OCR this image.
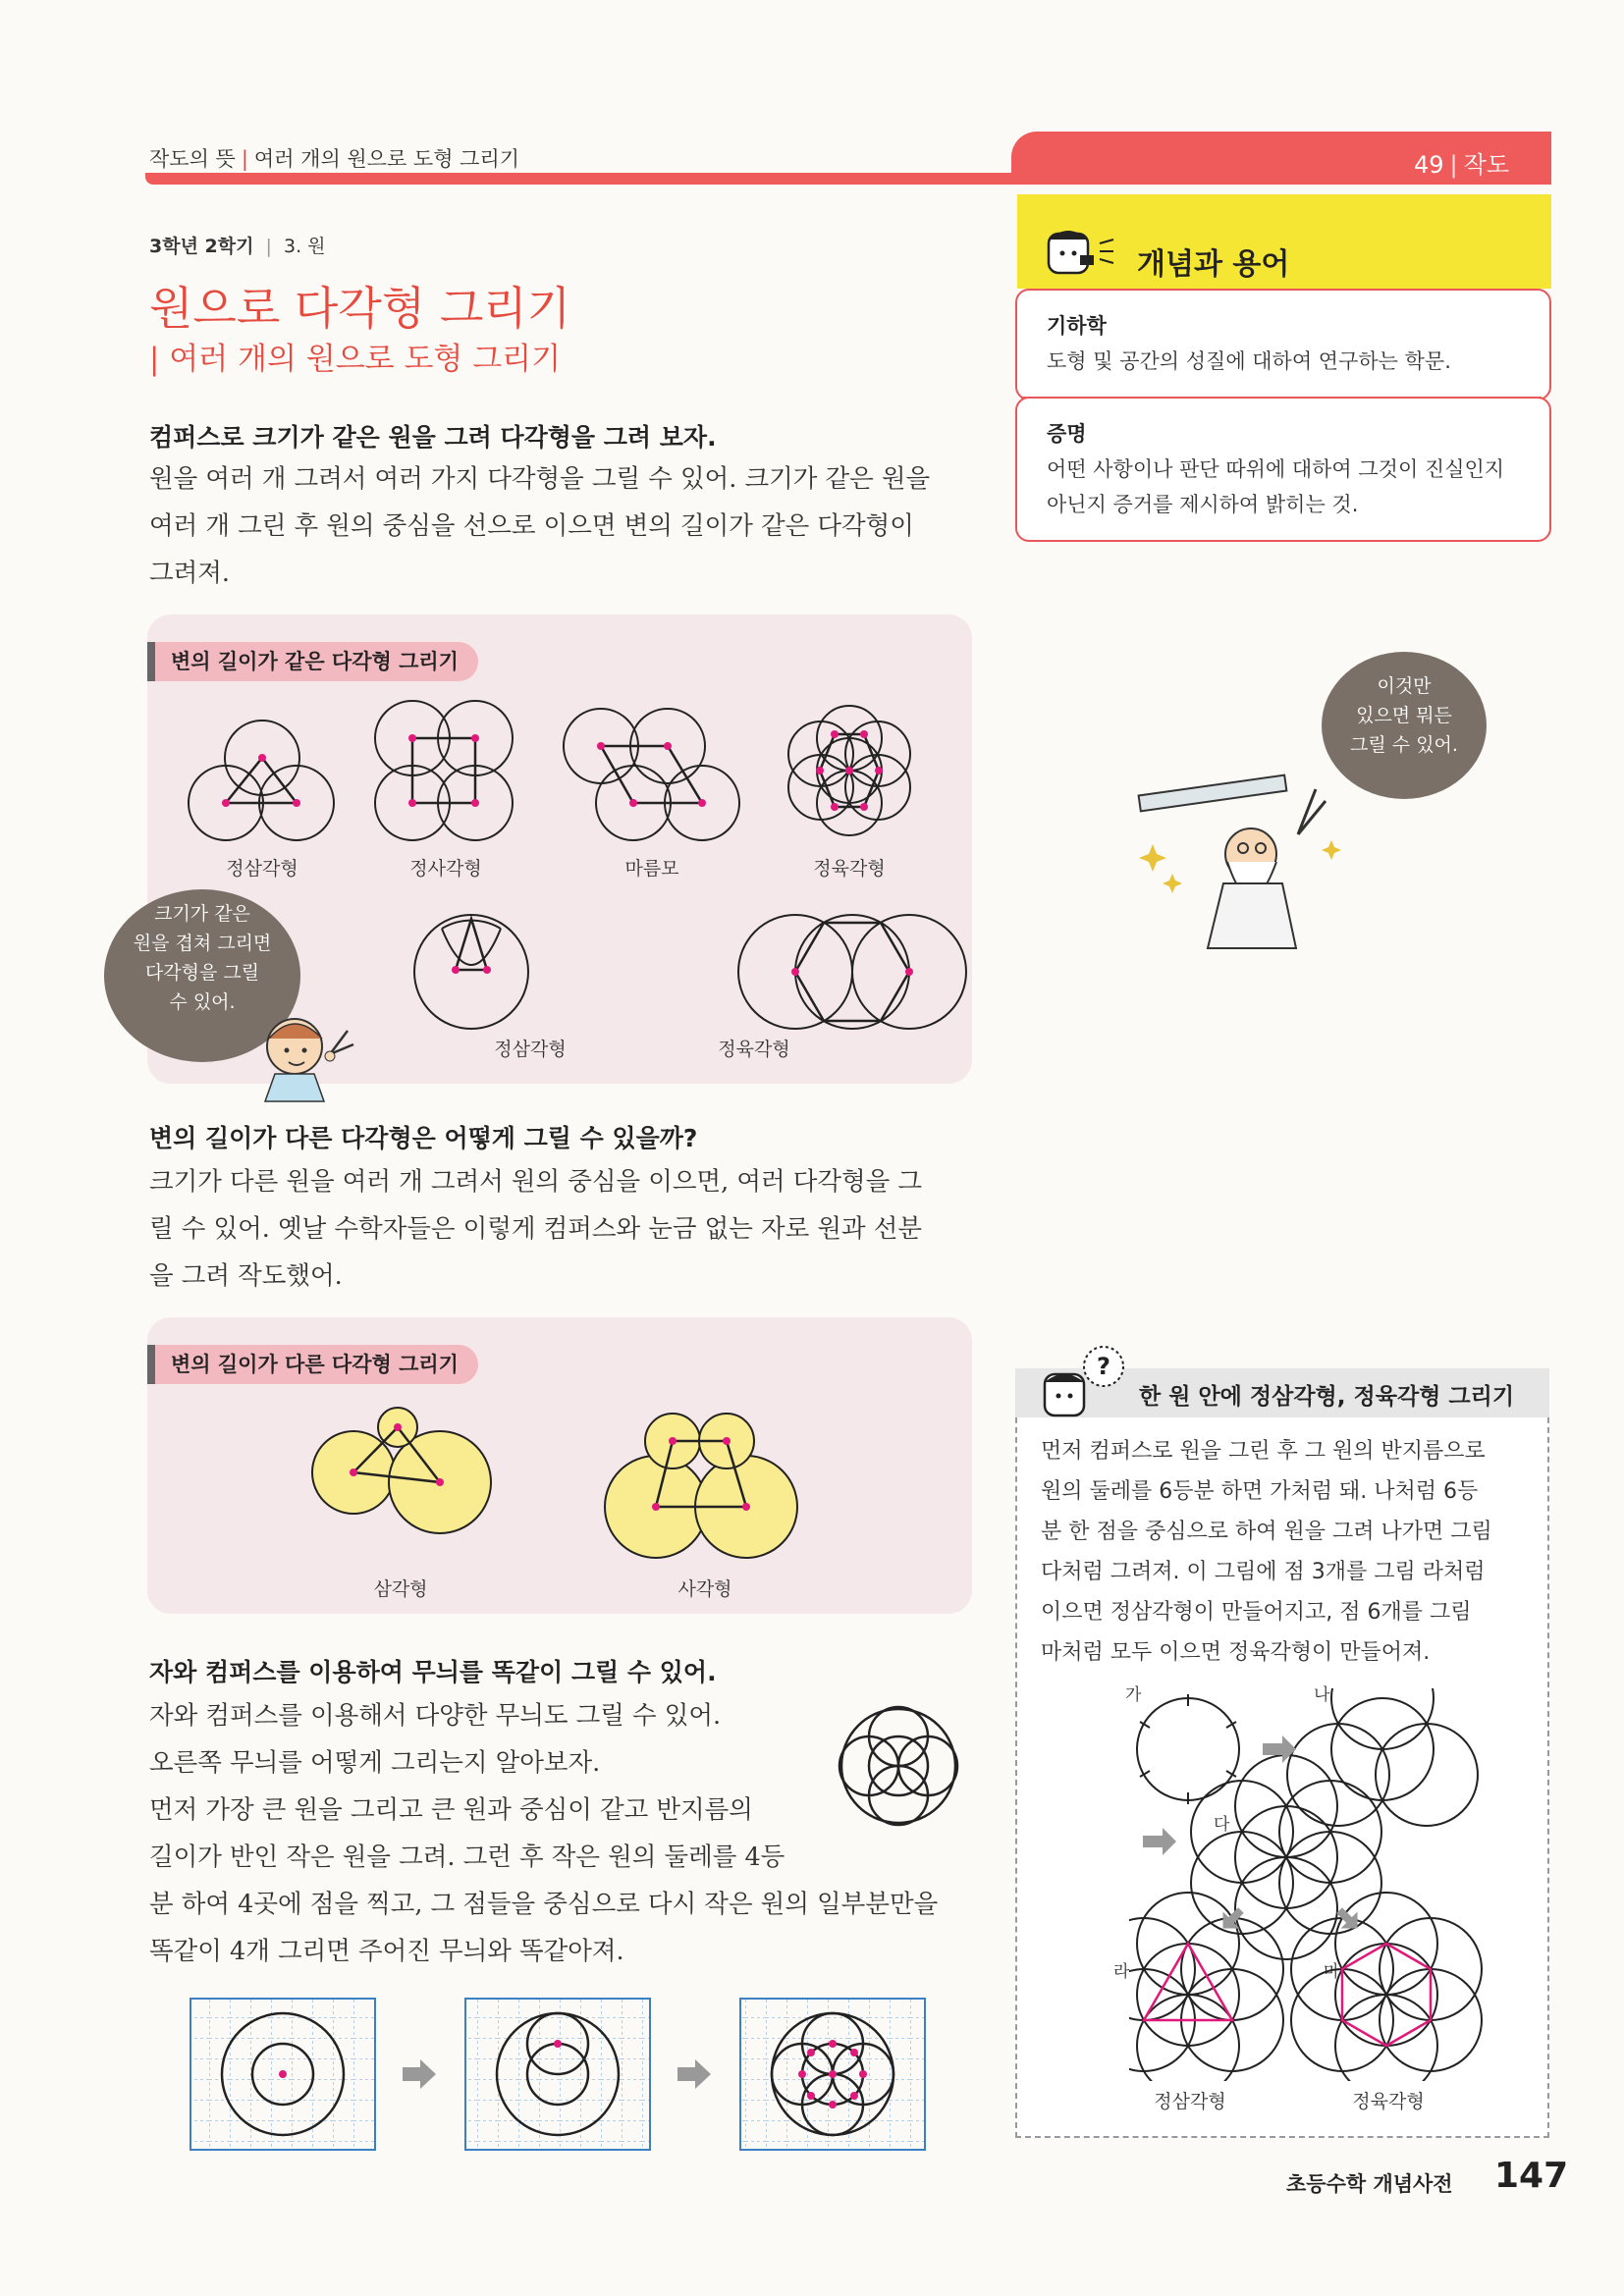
작도의 뜻 | 여러 개의 원으로 도형 그리기	49 | 작도
3학년 2학기 | 3. 원
원으로 다각형 그리기
| 여러 개의 원으로 도형 그리기
컴퍼스로 크기가 같은 원을 그려 다각형을 그려 보자.
원을 여러 개 그려서 여러 가지 다각형을 그릴 수 있어. 크기가 같은 원을
여러 개 그린 후 원의 중심을 선으로 이으면 변의 길이가 같은 다각형이
그려져.
변의 길이가 같은 다각형 그리기
정삼각형	정사각형	마름모	정육각형
정삼각형	정육각형
크기가 같은
원을 겹쳐 그리면
다각형을 그릴
수 있어.
변의 길이가 다른 다각형은 어떻게 그릴 수 있을까?
크기가 다른 원을 여러 개 그려서 원의 중심을 이으면, 여러 다각형을 그
릴 수 있어. 옛날 수학자들은 이렇게 컴퍼스와 눈금 없는 자로 원과 선분
을 그려 작도했어.
변의 길이가 다른 다각형 그리기
삼각형	사각형
자와 컴퍼스를 이용하여 무늬를 똑같이 그릴 수 있어.
자와 컴퍼스를 이용해서 다양한 무늬도 그릴 수 있어.
오른쪽 무늬를 어떻게 그리는지 알아보자.
먼저 가장 큰 원을 그리고 큰 원과 중심이 같고 반지름의
길이가 반인 작은 원을 그려. 그런 후 작은 원의 둘레를 4등
분 하여 4곳에 점을 찍고, 그 점들을 중심으로 다시 작은 원의 일부분만을
똑같이 4개 그리면 주어진 무늬와 똑같아져.
개념과 용어
기하학
도형 및 공간의 성질에 대하여 연구하는 학문.
증명
어떤 사항이나 판단 따위에 대하여 그것이 진실인지
아닌지 증거를 제시하여 밝히는 것.
이것만
있으면 뭐든
그릴 수 있어.
?
한 원 안에 정삼각형, 정육각형 그리기
먼저 컴퍼스로 원을 그린 후 그 원의 반지름으로
원의 둘레를 6등분 하면 가처럼 돼. 나처럼 6등
분 한 점을 중심으로 하여 원을 그려 나가면 그림
다처럼 그려져. 이 그림에 점 3개를 그림 라처럼
이으면 정삼각형이 만들어지고, 점 6개를 그림
마처럼 모두 이으면 정육각형이 만들어져.
가	나
다
라	마
정삼각형	정육각형
초등수학 개념사전 147
